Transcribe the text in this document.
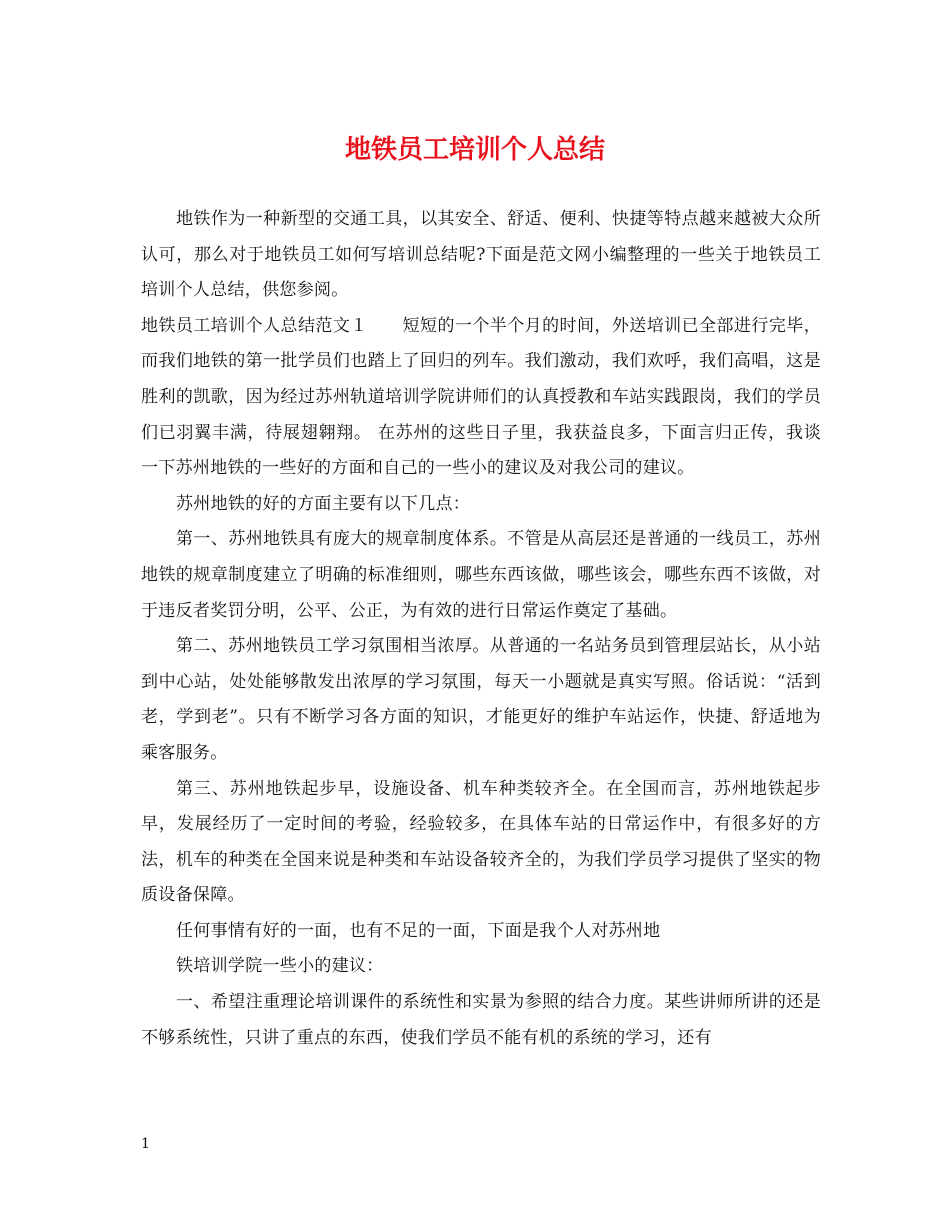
地铁员工培训个人总结

地铁作为一种新型的交通工具，以其安全、舒适、便利、快捷等特点越来越被大众所认可，那么对于地铁员工如何写培训总结呢?下面是范文网小编整理的一些关于地铁员工培训个人总结，供您参阅。

地铁员工培训个人总结范文１　　短短的一个半个月的时间，外送培训已全部进行完毕，而我们地铁的第一批学员们也踏上了回归的列车。我们激动，我们欢呼，我们高唱，这是胜利的凯歌，因为经过苏州轨道培训学院讲师们的认真授教和车站实践跟岗，我们的学员们已羽翼丰满，待展翅翱翔。 在苏州的这些日子里，我获益良多，下面言归正传，我谈一下苏州地铁的一些好的方面和自己的一些小的建议及对我公司的建议。

苏州地铁的好的方面主要有以下几点：

第一、苏州地铁具有庞大的规章制度体系。不管是从高层还是普通的一线员工，苏州地铁的规章制度建立了明确的标准细则，哪些东西该做，哪些该会，哪些东西不该做，对于违反者奖罚分明，公平、公正，为有效的进行日常运作奠定了基础。

第二、苏州地铁员工学习氛围相当浓厚。从普通的一名站务员到管理层站长，从小站到中心站，处处能够散发出浓厚的学习氛围，每天一小题就是真实写照。俗话说：“活到老，学到老”。只有不断学习各方面的知识，才能更好的维护车站运作，快捷、舒适地为乘客服务。

第三、苏州地铁起步早，设施设备、机车种类较齐全。在全国而言，苏州地铁起步早，发展经历了一定时间的考验，经验较多，在具体车站的日常运作中，有很多好的方法，机车的种类在全国来说是种类和车站设备较齐全的，为我们学员学习提供了坚实的物质设备保障。

任何事情有好的一面，也有不足的一面，下面是我个人对苏州地

铁培训学院一些小的建议：

一、希望注重理论培训课件的系统性和实景为参照的结合力度。某些讲师所讲的还是不够系统性，只讲了重点的东西，使我们学员不能有机的系统的学习，还有

1
